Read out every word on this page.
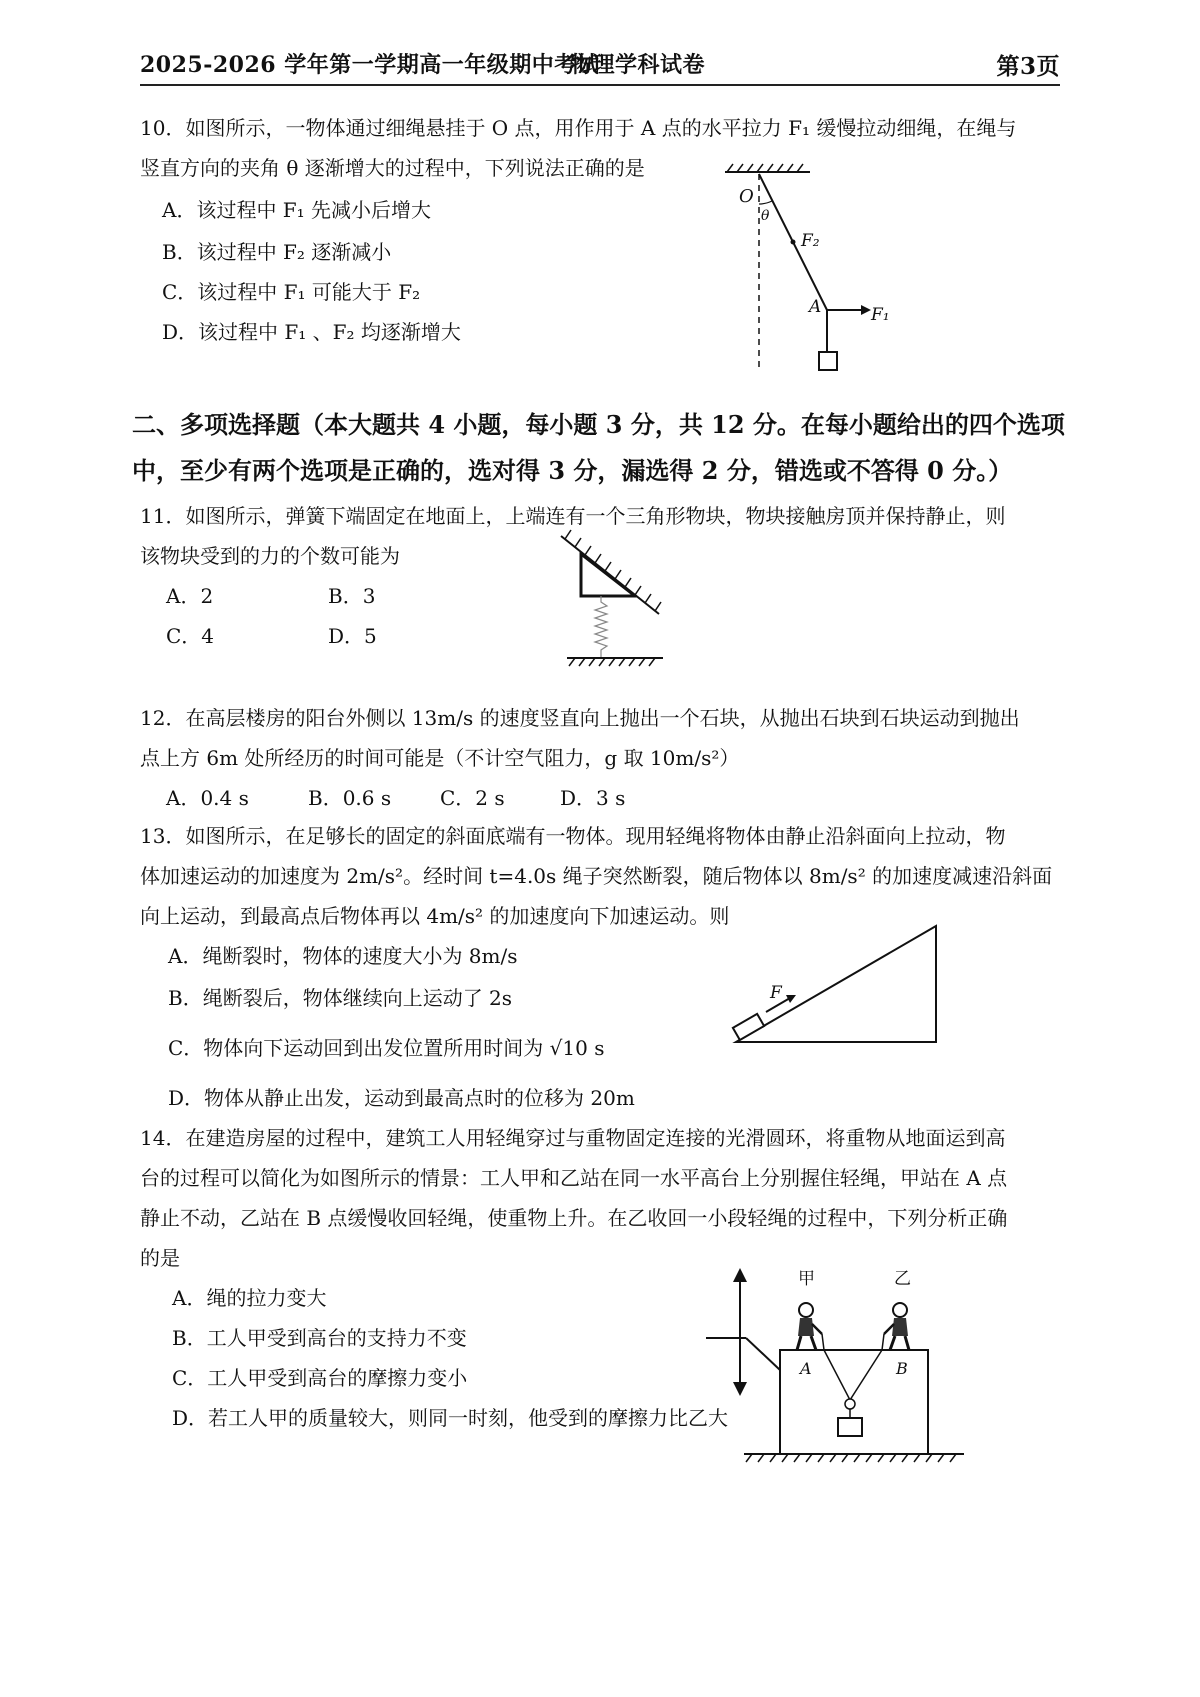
2025-2026 学年第一学期高一年级期中考试
物理学科试卷	第3页
10．如图所示，一物体通过细绳悬挂于 O 点，用作用于 A 点的水平拉力 F₁ 缓慢拉动细绳，在绳与
竖直方向的夹角 θ 逐渐增大的过程中，下列说法正确的是
A．该过程中 F₁ 先减小后增大
B．该过程中 F₂ 逐渐减小
C．该过程中 F₁ 可能大于 F₂
D．该过程中 F₁ 、F₂ 均逐渐增大
O
θ
F₂
A	F₁
二、多项选择题（本大题共 4 小题，每小题 3 分，共 12 分。在每小题给出的四个选项
中，至少有两个选项是正确的，选对得 3 分，漏选得 2 分，错选或不答得 0 分。）
11．如图所示，弹簧下端固定在地面上，上端连有一个三角形物块，物块接触房顶并保持静止，则
该物块受到的力的个数可能为
A．2	B．3
C．4	D．5
12．在高层楼房的阳台外侧以 13m/s 的速度竖直向上抛出一个石块，从抛出石块到石块运动到抛出
点上方 6m 处所经历的时间可能是（不计空气阻力，g 取 10m/s²）
A．0.4 s	B．0.6 s C．2 s	D．3 s
13．如图所示，在足够长的固定的斜面底端有一物体。现用轻绳将物体由静止沿斜面向上拉动，物
体加速运动的加速度为 2m/s²。经时间 t=4.0s 绳子突然断裂，随后物体以 8m/s² 的加速度减速沿斜面
向上运动，到最高点后物体再以 4m/s² 的加速度向下加速运动。则
A．绳断裂时，物体的速度大小为 8m/s
B．绳断裂后，物体继续向上运动了 2s
C．物体向下运动回到出发位置所用时间为 √10 s
D．物体从静止出发，运动到最高点时的位移为 20m
F
14．在建造房屋的过程中，建筑工人用轻绳穿过与重物固定连接的光滑圆环，将重物从地面运到高
台的过程可以简化为如图所示的情景：工人甲和乙站在同一水平高台上分别握住轻绳，甲站在 A 点
静止不动，乙站在 B 点缓慢收回轻绳，使重物上升。在乙收回一小段轻绳的过程中，下列分析正确
的是
A．绳的拉力变大
B．工人甲受到高台的支持力不变
C．工人甲受到高台的摩擦力变小
D．若工人甲的质量较大，则同一时刻，他受到的摩擦力比乙大
甲	乙
A	B
